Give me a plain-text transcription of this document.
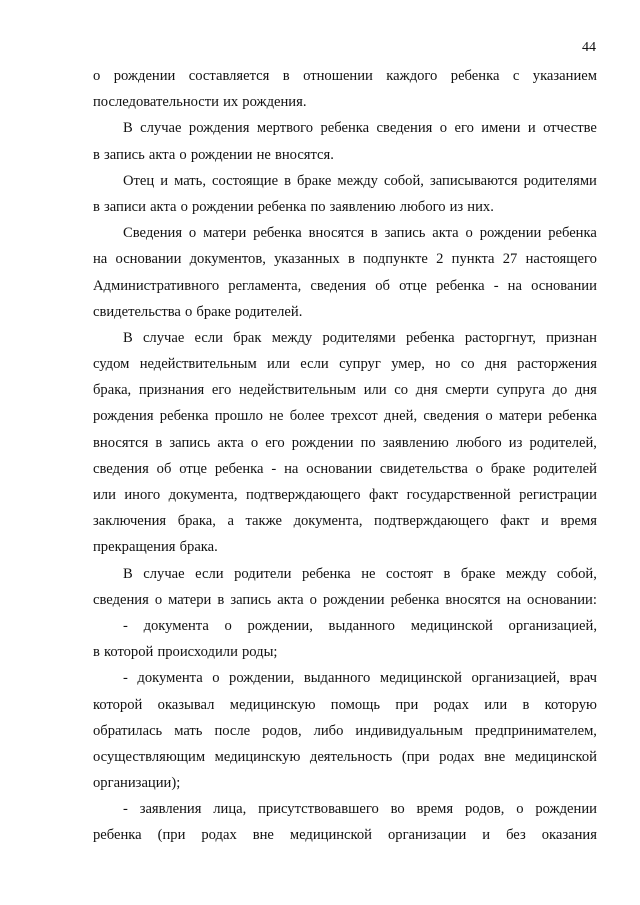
44
о рождении составляется в отношении каждого ребенка с указанием
последовательности их рождения.
В случае рождения мертвого ребенка сведения о его имени и отчестве
в запись акта о рождении не вносятся.
Отец и мать, состоящие в браке между собой, записываются родителями
в записи акта о рождении ребенка по заявлению любого из них.
Сведения о матери ребенка вносятся в запись акта о рождении ребенка
на основании документов, указанных в подпункте 2 пункта 27 настоящего
Административного регламента, сведения об отце ребенка - на основании
свидетельства о браке родителей.
В случае если брак между родителями ребенка расторгнут, признан
судом недействительным или если супруг умер, но со дня расторжения
брака, признания его недействительным или со дня смерти супруга до дня
рождения ребенка прошло не более трехсот дней, сведения о матери ребенка
вносятся в запись акта о его рождении по заявлению любого из родителей,
сведения об отце ребенка - на основании свидетельства о браке родителей
или иного документа, подтверждающего факт государственной регистрации
заключения брака, а также документа, подтверждающего факт и время
прекращения брака.
В случае если родители ребенка не состоят в браке между собой,
сведения о матери в запись акта о рождении ребенка вносятся на основании:
- документа о рождении, выданного медицинской организацией,
в которой происходили роды;
- документа о рождении, выданного медицинской организацией, врач
которой оказывал медицинскую помощь при родах или в которую
обратилась мать после родов, либо индивидуальным предпринимателем,
осуществляющим медицинскую деятельность (при родах вне медицинской
организации);
- заявления лица, присутствовавшего во время родов, о рождении
ребенка (при родах вне медицинской организации и без оказания
